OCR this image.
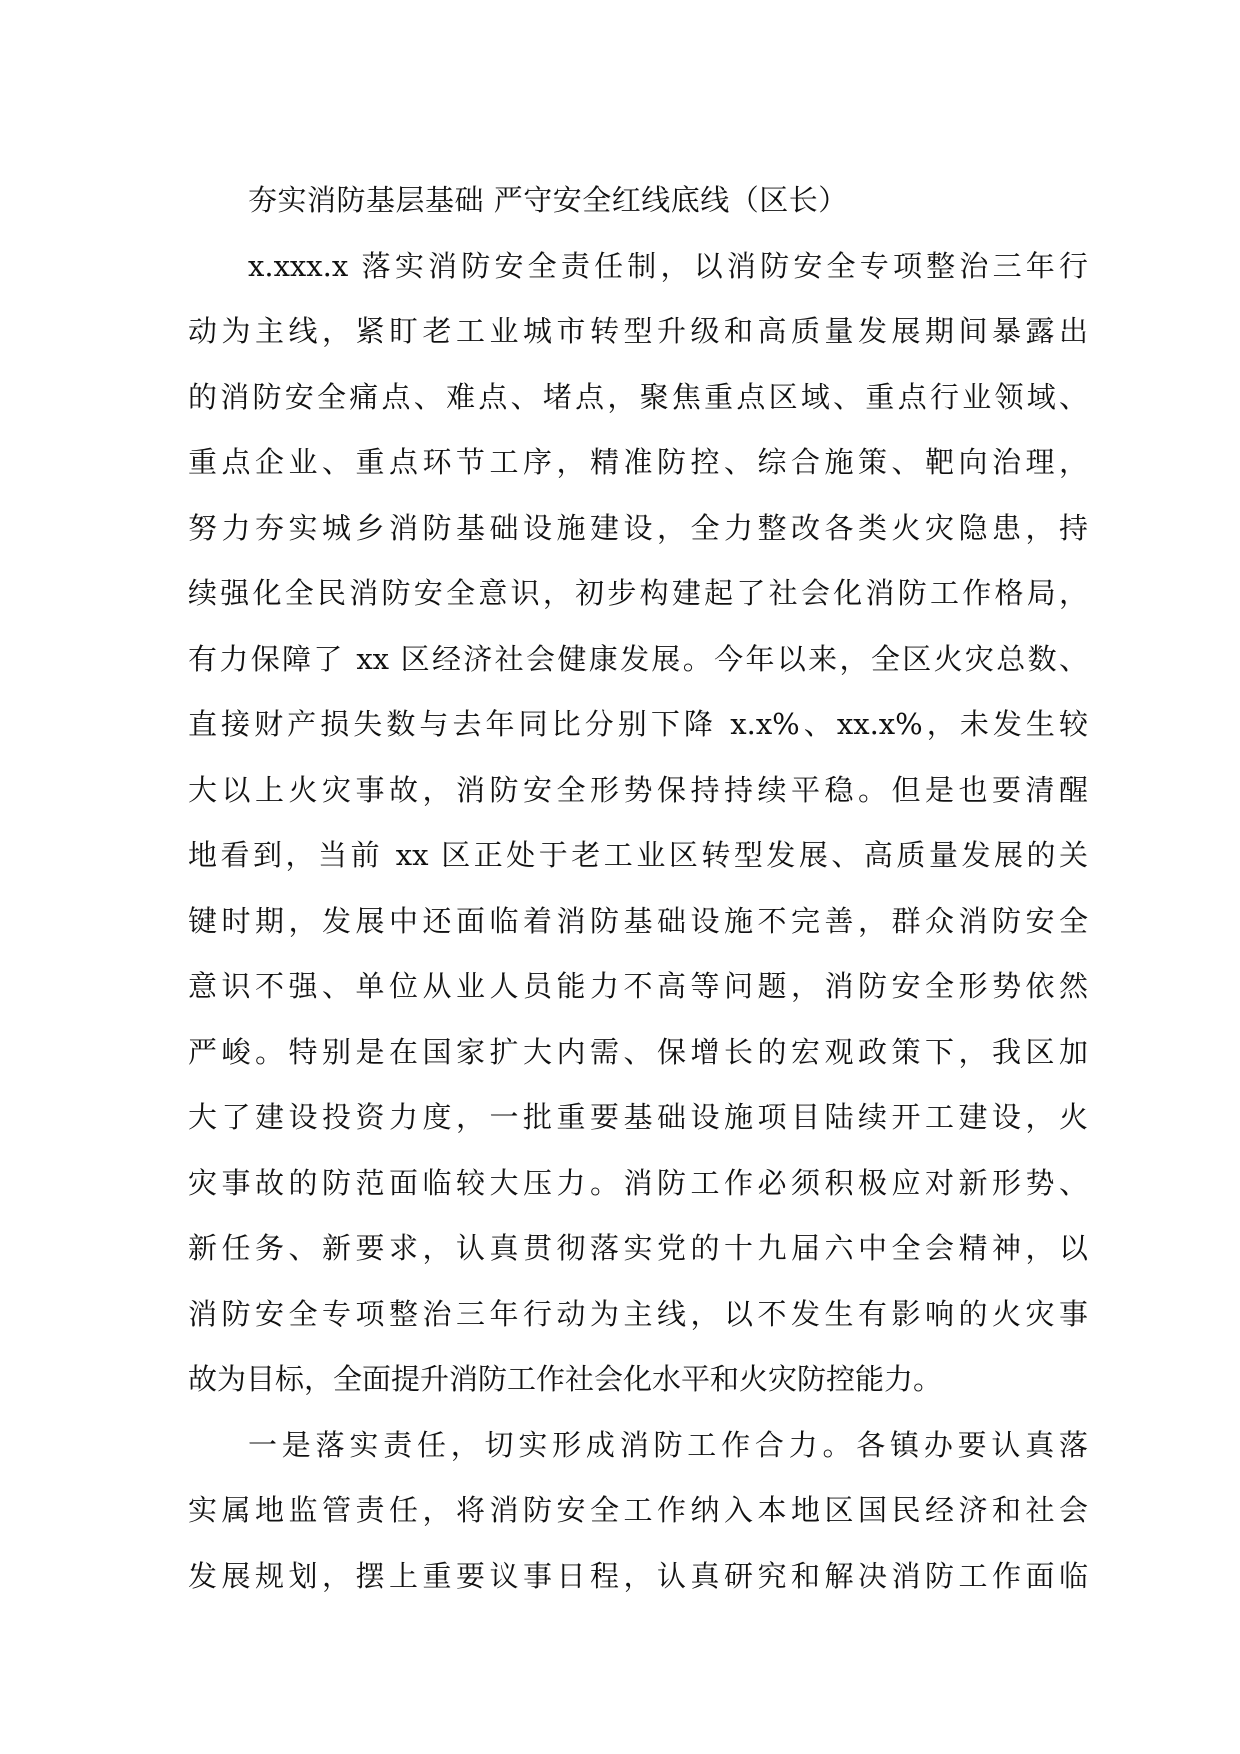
夯实消防基层基础 严守安全红线底线（区长）
x.xxx.x 落实消防安全责任制，以消防安全专项整治三年行
动为主线，紧盯老工业城市转型升级和高质量发展期间暴露出
的消防安全痛点、难点、堵点，聚焦重点区域、重点行业领域、
重点企业、重点环节工序，精准防控、综合施策、靶向治理，
努力夯实城乡消防基础设施建设，全力整改各类火灾隐患，持
续强化全民消防安全意识，初步构建起了社会化消防工作格局，
有力保障了 xx 区经济社会健康发展。今年以来，全区火灾总数、
直接财产损失数与去年同比分别下降 x.x%、xx.x%，未发生较
大以上火灾事故，消防安全形势保持持续平稳。但是也要清醒
地看到，当前 xx 区正处于老工业区转型发展、高质量发展的关
键时期，发展中还面临着消防基础设施不完善，群众消防安全
意识不强、单位从业人员能力不高等问题，消防安全形势依然
严峻。特别是在国家扩大内需、保增长的宏观政策下，我区加
大了建设投资力度，一批重要基础设施项目陆续开工建设，火
灾事故的防范面临较大压力。消防工作必须积极应对新形势、
新任务、新要求，认真贯彻落实党的十九届六中全会精神，以
消防安全专项整治三年行动为主线，以不发生有影响的火灾事
故为目标，全面提升消防工作社会化水平和火灾防控能力。
一是落实责任，切实形成消防工作合力。各镇办要认真落
实属地监管责任，将消防安全工作纳入本地区国民经济和社会
发展规划，摆上重要议事日程，认真研究和解决消防工作面临
